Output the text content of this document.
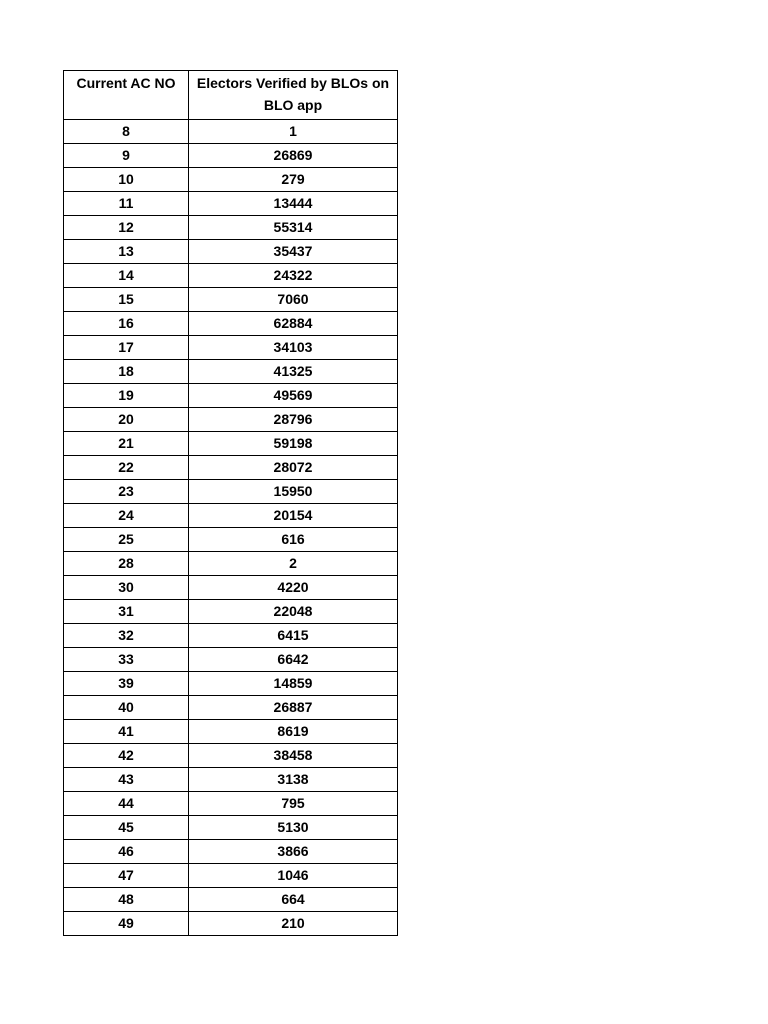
Current AC NO	Electors Verified by BLOs on BLO app
8	1
9	26869
10	279
11	13444
12	55314
13	35437
14	24322
15	7060
16	62884
17	34103
18	41325
19	49569
20	28796
21	59198
22	28072
23	15950
24	20154
25	616
28	2
30	4220
31	22048
32	6415
33	6642
39	14859
40	26887
41	8619
42	38458
43	3138
44	795
45	5130
46	3866
47	1046
48	664
49	210
